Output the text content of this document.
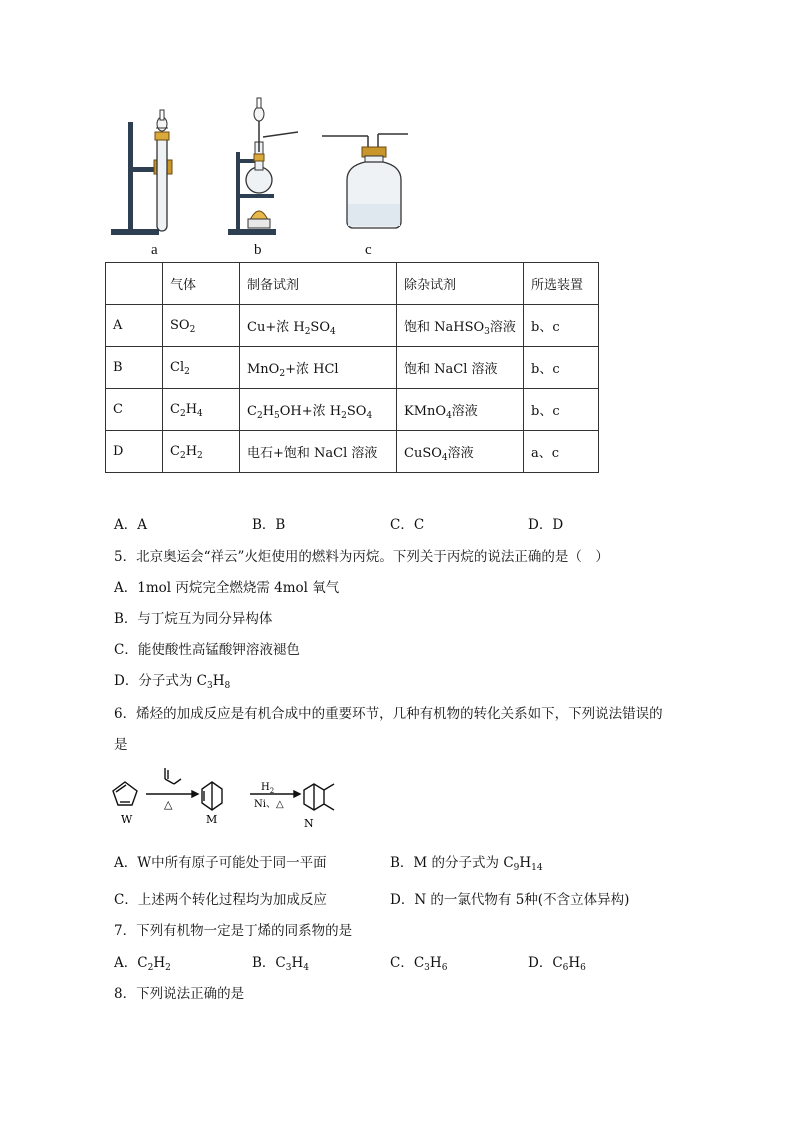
a	b	c
	气体	制备试剂	除杂试剂	所选装置
A	$SO_2$	Cu+浓 $H_2SO_4$	饱和 NaHSO$_3$溶液	b、c
B	$Cl_2$	MnO$_2$+浓 HCl	饱和 NaCl 溶液	b、c
C	$C_2H_4$	$C_2H_5OH+$浓 $H_2SO_4$	KMnO$_4$溶液	b、c
D	$C_2H_2$	电石+饱和 NaCl 溶液	CuSO$_4$溶液	a、c
A．A	B．B	C．C	D．D
5．北京奥运会“祥云”火炬使用的燃料为丙烷。下列关于丙烷的说法正确的是（　）
A．1mol 丙烷完全燃烧需 4mol 氧气
B．与丁烷互为同分异构体
C．能使酸性高锰酸钾溶液褪色
D．分子式为 $C_3H_8$
6．烯烃的加成反应是有机合成中的重要环节，几种有机物的转化关系如下，下列说法错误的
是
W	M	N
△
$H_2$
Ni、△
A．W中所有原子可能处于同一平面	B．M 的分子式为 $C_9H_{14}$
C．上述两个转化过程均为加成反应	D．N 的一氯代物有 5种(不含立体异构)
7．下列有机物一定是丁烯的同系物的是
A．$C_2H_2$	B．$C_3H_4$	C．$C_3H_6$	D．$C_6H_6$
8．下列说法正确的是
